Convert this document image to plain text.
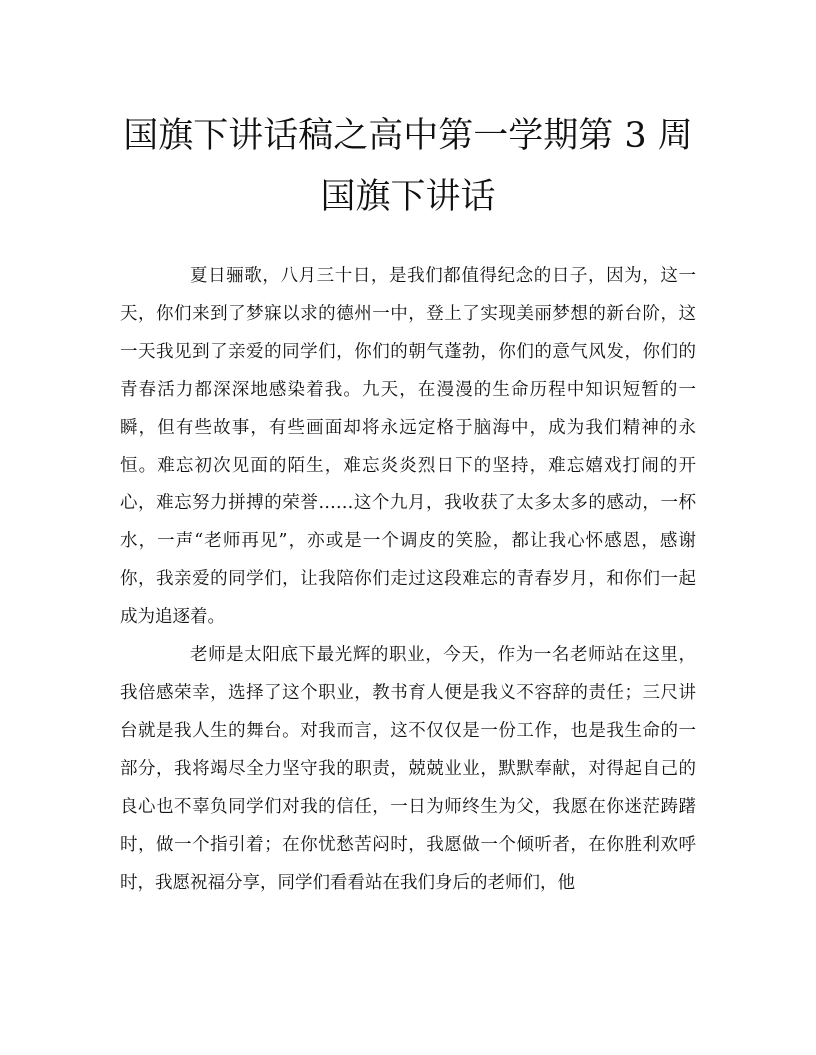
国旗下讲话稿之高中第一学期第 3 周
国旗下讲话

夏日骊歌，八月三十日，是我们都值得纪念的日子，因为，这一天，你们来到了梦寐以求的德州一中，登上了实现美丽梦想的新台阶，这一天我见到了亲爱的同学们，你们的朝气蓬勃，你们的意气风发，你们的青春活力都深深地感染着我。九天，在漫漫的生命历程中知识短暂的一瞬，但有些故事，有些画面却将永远定格于脑海中，成为我们精神的永恒。难忘初次见面的陌生，难忘炎炎烈日下的坚持，难忘嬉戏打闹的开心，难忘努力拼搏的荣誉……这个九月，我收获了太多太多的感动，一杯水，一声“老师再见”，亦或是一个调皮的笑脸，都让我心怀感恩，感谢你，我亲爱的同学们，让我陪你们走过这段难忘的青春岁月，和你们一起成为追逐着。

老师是太阳底下最光辉的职业，今天，作为一名老师站在这里，我倍感荣幸，选择了这个职业，教书育人便是我义不容辞的责任；三尺讲台就是我人生的舞台。对我而言，这不仅仅是一份工作，也是我生命的一部分，我将竭尽全力坚守我的职责，兢兢业业，默默奉献，对得起自己的良心也不辜负同学们对我的信任，一日为师终生为父，我愿在你迷茫踌躇时，做一个指引着；在你忧愁苦闷时，我愿做一个倾听者，在你胜利欢呼时，我愿祝福分享，同学们看看站在我们身后的老师们，他
